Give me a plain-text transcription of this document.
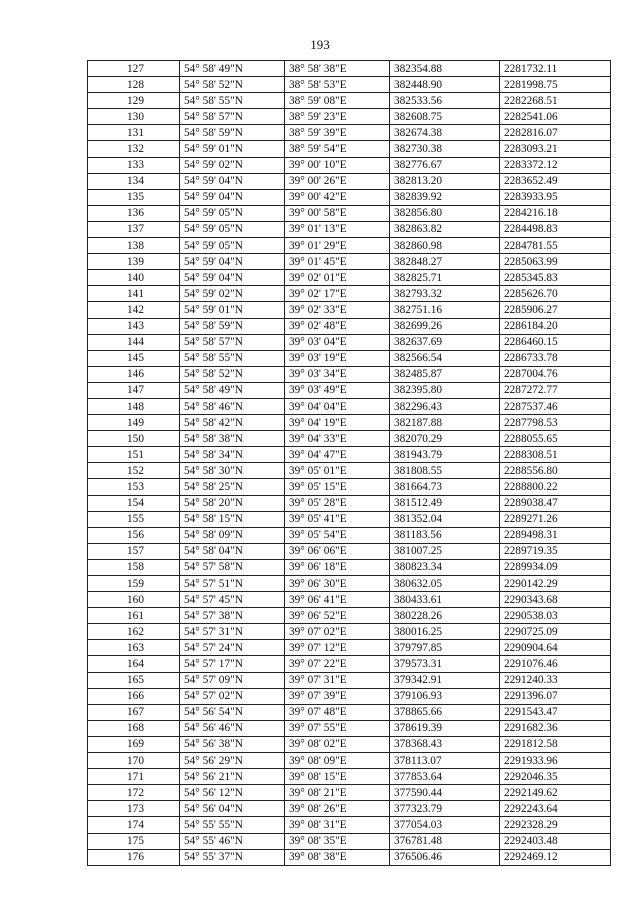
193
127	54° 58' 49"N	38° 58' 38"E	382354.88	2281732.11
128	54° 58' 52"N	38° 58' 53"E	382448.90	2281998.75
129	54° 58' 55"N	38° 59' 08"E	382533.56	2282268.51
130	54° 58' 57"N	38° 59' 23"E	382608.75	2282541.06
131	54° 58' 59"N	38° 59' 39"E	382674.38	2282816.07
132	54° 59' 01"N	38° 59' 54"E	382730.38	2283093.21
133	54° 59' 02"N	39° 00' 10"E	382776.67	2283372.12
134	54° 59' 04"N	39° 00' 26"E	382813.20	2283652.49
135	54° 59' 04"N	39° 00' 42"E	382839.92	2283933.95
136	54° 59' 05"N	39° 00' 58"E	382856.80	2284216.18
137	54° 59' 05"N	39° 01' 13"E	382863.82	2284498.83
138	54° 59' 05"N	39° 01' 29"E	382860.98	2284781.55
139	54° 59' 04"N	39° 01' 45"E	382848.27	2285063.99
140	54° 59' 04"N	39° 02' 01"E	382825.71	2285345.83
141	54° 59' 02"N	39° 02' 17"E	382793.32	2285626.70
142	54° 59' 01"N	39° 02' 33"E	382751.16	2285906.27
143	54° 58' 59"N	39° 02' 48"E	382699.26	2286184.20
144	54° 58' 57"N	39° 03' 04"E	382637.69	2286460.15
145	54° 58' 55"N	39° 03' 19"E	382566.54	2286733.78
146	54° 58' 52"N	39° 03' 34"E	382485.87	2287004.76
147	54° 58' 49"N	39° 03' 49"E	382395.80	2287272.77
148	54° 58' 46"N	39° 04' 04"E	382296.43	2287537.46
149	54° 58' 42"N	39° 04' 19"E	382187.88	2287798.53
150	54° 58' 38"N	39° 04' 33"E	382070.29	2288055.65
151	54° 58' 34"N	39° 04' 47"E	381943.79	2288308.51
152	54° 58' 30"N	39° 05' 01"E	381808.55	2288556.80
153	54° 58' 25"N	39° 05' 15"E	381664.73	2288800.22
154	54° 58' 20"N	39° 05' 28"E	381512.49	2289038.47
155	54° 58' 15"N	39° 05' 41"E	381352.04	2289271.26
156	54° 58' 09"N	39° 05' 54"E	381183.56	2289498.31
157	54° 58' 04"N	39° 06' 06"E	381007.25	2289719.35
158	54° 57' 58"N	39° 06' 18"E	380823.34	2289934.09
159	54° 57' 51"N	39° 06' 30"E	380632.05	2290142.29
160	54° 57' 45"N	39° 06' 41"E	380433.61	2290343.68
161	54° 57' 38"N	39° 06' 52"E	380228.26	2290538.03
162	54° 57' 31"N	39° 07' 02"E	380016.25	2290725.09
163	54° 57' 24"N	39° 07' 12"E	379797.85	2290904.64
164	54° 57' 17"N	39° 07' 22"E	379573.31	2291076.46
165	54° 57' 09"N	39° 07' 31"E	379342.91	2291240.33
166	54° 57' 02"N	39° 07' 39"E	379106.93	2291396.07
167	54° 56' 54"N	39° 07' 48"E	378865.66	2291543.47
168	54° 56' 46"N	39° 07' 55"E	378619.39	2291682.36
169	54° 56' 38"N	39° 08' 02"E	378368.43	2291812.58
170	54° 56' 29"N	39° 08' 09"E	378113.07	2291933.96
171	54° 56' 21"N	39° 08' 15"E	377853.64	2292046.35
172	54° 56' 12"N	39° 08' 21"E	377590.44	2292149.62
173	54° 56' 04"N	39° 08' 26"E	377323.79	2292243.64
174	54° 55' 55"N	39° 08' 31"E	377054.03	2292328.29
175	54° 55' 46"N	39° 08' 35"E	376781.48	2292403.48
176	54° 55' 37"N	39° 08' 38"E	376506.46	2292469.12
